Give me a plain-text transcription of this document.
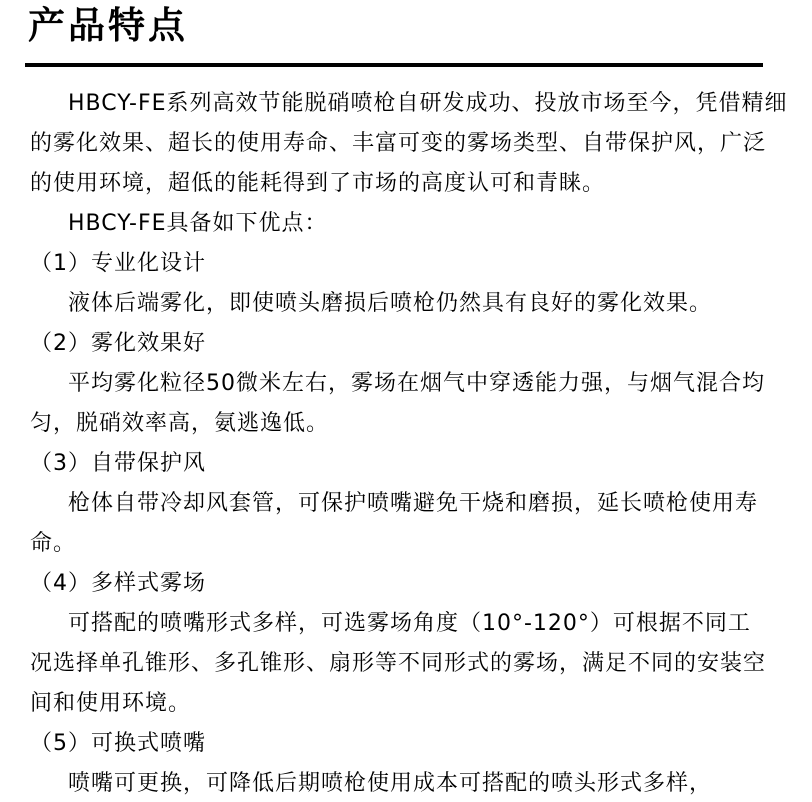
产品特点

HBCY-FE系列高效节能脱硝喷枪自研发成功、投放市场至今，凭借精细

的雾化效果、超长的使用寿命、丰富可变的雾场类型、自带保护风，广泛

的使用环境，超低的能耗得到了市场的高度认可和青睐。

HBCY-FE具备如下优点：

（1）专业化设计

液体后端雾化，即使喷头磨损后喷枪仍然具有良好的雾化效果。

（2）雾化效果好

平均雾化粒径50微米左右，雾场在烟气中穿透能力强，与烟气混合均

匀，脱硝效率高，氨逃逸低。

（3）自带保护风

枪体自带冷却风套管，可保护喷嘴避免干烧和磨损，延长喷枪使用寿

命。

（4）多样式雾场

可搭配的喷嘴形式多样，可选雾场角度（10°-120°）可根据不同工

况选择单孔锥形、多孔锥形、扇形等不同形式的雾场，满足不同的安装空

间和使用环境。

（5）可换式喷嘴

喷嘴可更换，可降低后期喷枪使用成本可搭配的喷头形式多样，
